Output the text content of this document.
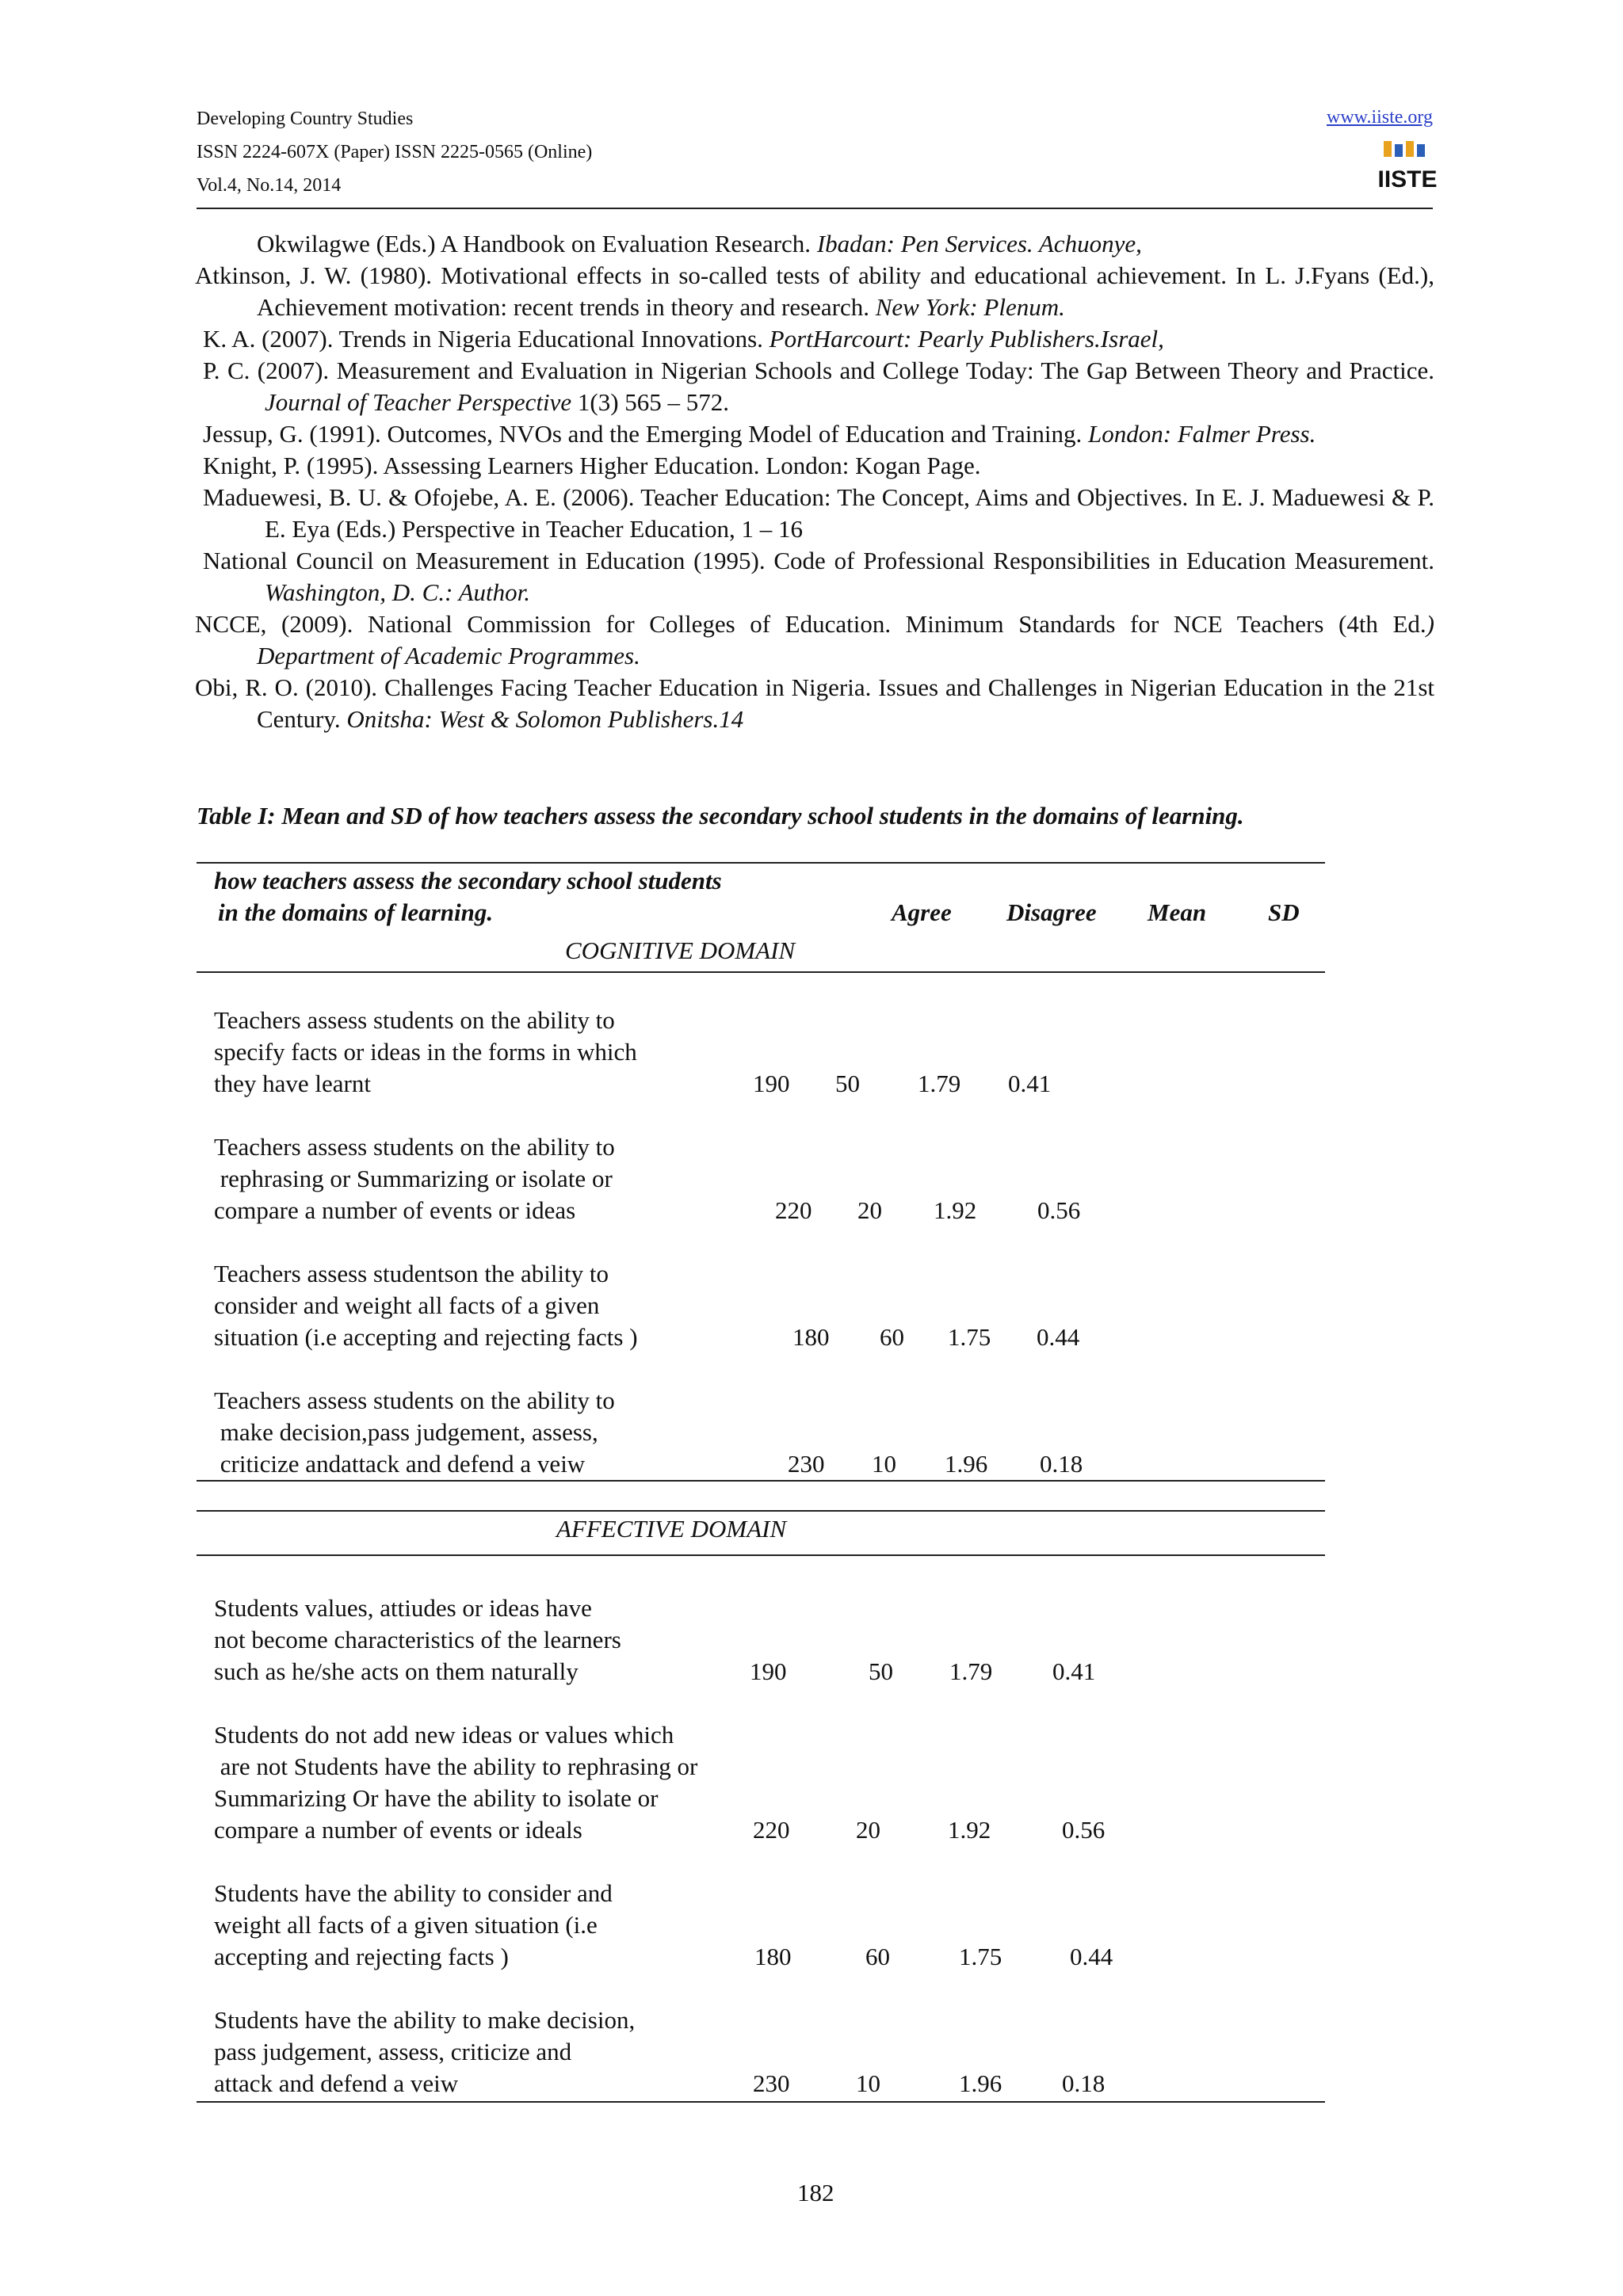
Developing Country Studies
ISSN 2224-607X (Paper) ISSN 2225-0565 (Online)
Vol.4, No.14, 2014
www.iiste.org
IISTE
Okwilagwe (Eds.) A Handbook on Evaluation Research. Ibadan: Pen Services. Achuonye,
Atkinson, J. W. (1980). Motivational effects in so-called tests of ability and educational achievement. In L. J.Fyans (Ed.), Achievement motivation: recent trends in theory and research. New York: Plenum.
K. A. (2007). Trends in Nigeria Educational Innovations. PortHarcourt: Pearly Publishers.Israel,
P. C. (2007). Measurement and Evaluation in Nigerian Schools and College Today: The Gap Between Theory and Practice. Journal of Teacher Perspective 1(3) 565 – 572.
Jessup, G. (1991). Outcomes, NVOs and the Emerging Model of Education and Training. London: Falmer Press.
Knight, P. (1995). Assessing Learners Higher Education. London: Kogan Page.
Maduewesi, B. U. & Ofojebe, A. E. (2006). Teacher Education: The Concept, Aims and Objectives. In E. J. Maduewesi & P. E. Eya (Eds.) Perspective in Teacher Education, 1 – 16
National Council on Measurement in Education (1995). Code of Professional Responsibilities in Education Measurement. Washington, D. C.: Author.
NCCE, (2009). National Commission for Colleges of Education. Minimum Standards for NCE Teachers (4th Ed.) Department of Academic Programmes.
Obi, R. O. (2010). Challenges Facing Teacher Education in Nigeria. Issues and Challenges in Nigerian Education in the 21st Century. Onitsha: West & Solomon Publishers.14
Table I: Mean and SD of how teachers assess the secondary school students in the domains of learning.
how teachers assess the secondary school students
in the domains of learning.	Agree Disagree Mean	SD
COGNITIVE DOMAIN
Teachers assess students on the ability to
specify facts or ideas in the forms in which
they have learnt	190 50 1.79 0.41
Teachers assess students on the ability to
rephrasing or Summarizing or isolate or
compare a number of events or ideas	220 20 1.92 0.56
Teachers assess studentson the ability to
consider and weight all facts of a given
situation (i.e accepting and rejecting facts )	180 60 1.75 0.44
Teachers assess students on the ability to
make decision,pass judgement, assess,
criticize andattack and defend a veiw	230 10 1.96 0.18
AFFECTIVE DOMAIN
Students values, attiudes or ideas have
not become characteristics of the learners
such as he/she acts on them naturally	190	50 1.79 0.41
Students do not add new ideas or values which
are not Students have the ability to rephrasing or
Summarizing Or have the ability to isolate or
compare a number of events or ideals	220	20	1.92	0.56
Students have the ability to consider and
weight all facts of a given situation (i.e
accepting and rejecting facts )	180	60	1.75	0.44
Students have the ability to make decision,
pass judgement, assess, criticize and
attack and defend a veiw	230	10	1.96 0.18
182
